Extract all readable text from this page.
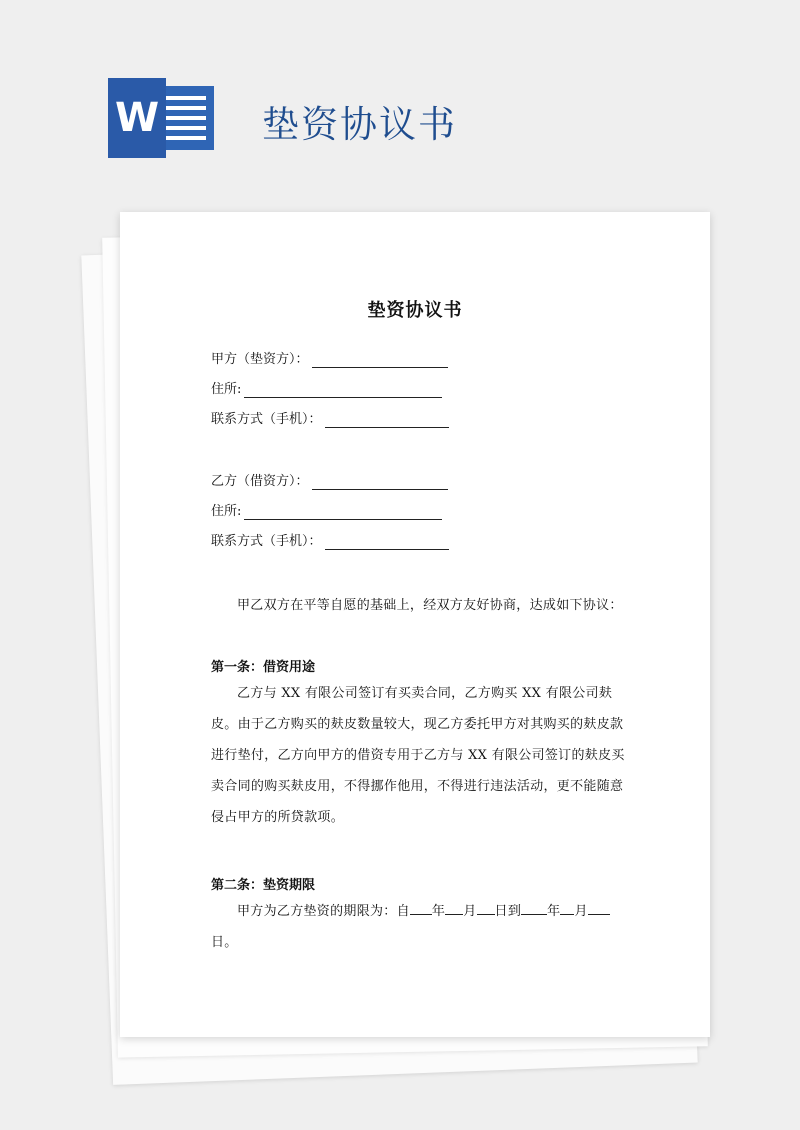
W	垫资协议书
垫资协议书
甲方（垫资方）：
住所:
联系方式（手机）：
乙方（借资方）：
住所:
联系方式（手机）：
甲乙双方在平等自愿的基础上，经双方友好协商，达成如下协议：
第一条：借资用途
乙方与 XX 有限公司签订有买卖合同，乙方购买 XX 有限公司麸皮。由于乙方购买的麸皮数量较大，现乙方委托甲方对其购买的麸皮款进行垫付，乙方向甲方的借资专用于乙方与 XX 有限公司签订的麸皮买卖合同的购买麸皮用，不得挪作他用，不得进行违法活动，更不能随意侵占甲方的所贷款项。
第二条：垫资期限
甲方为乙方垫资的期限为：自 年 月 日到 年 月日。
